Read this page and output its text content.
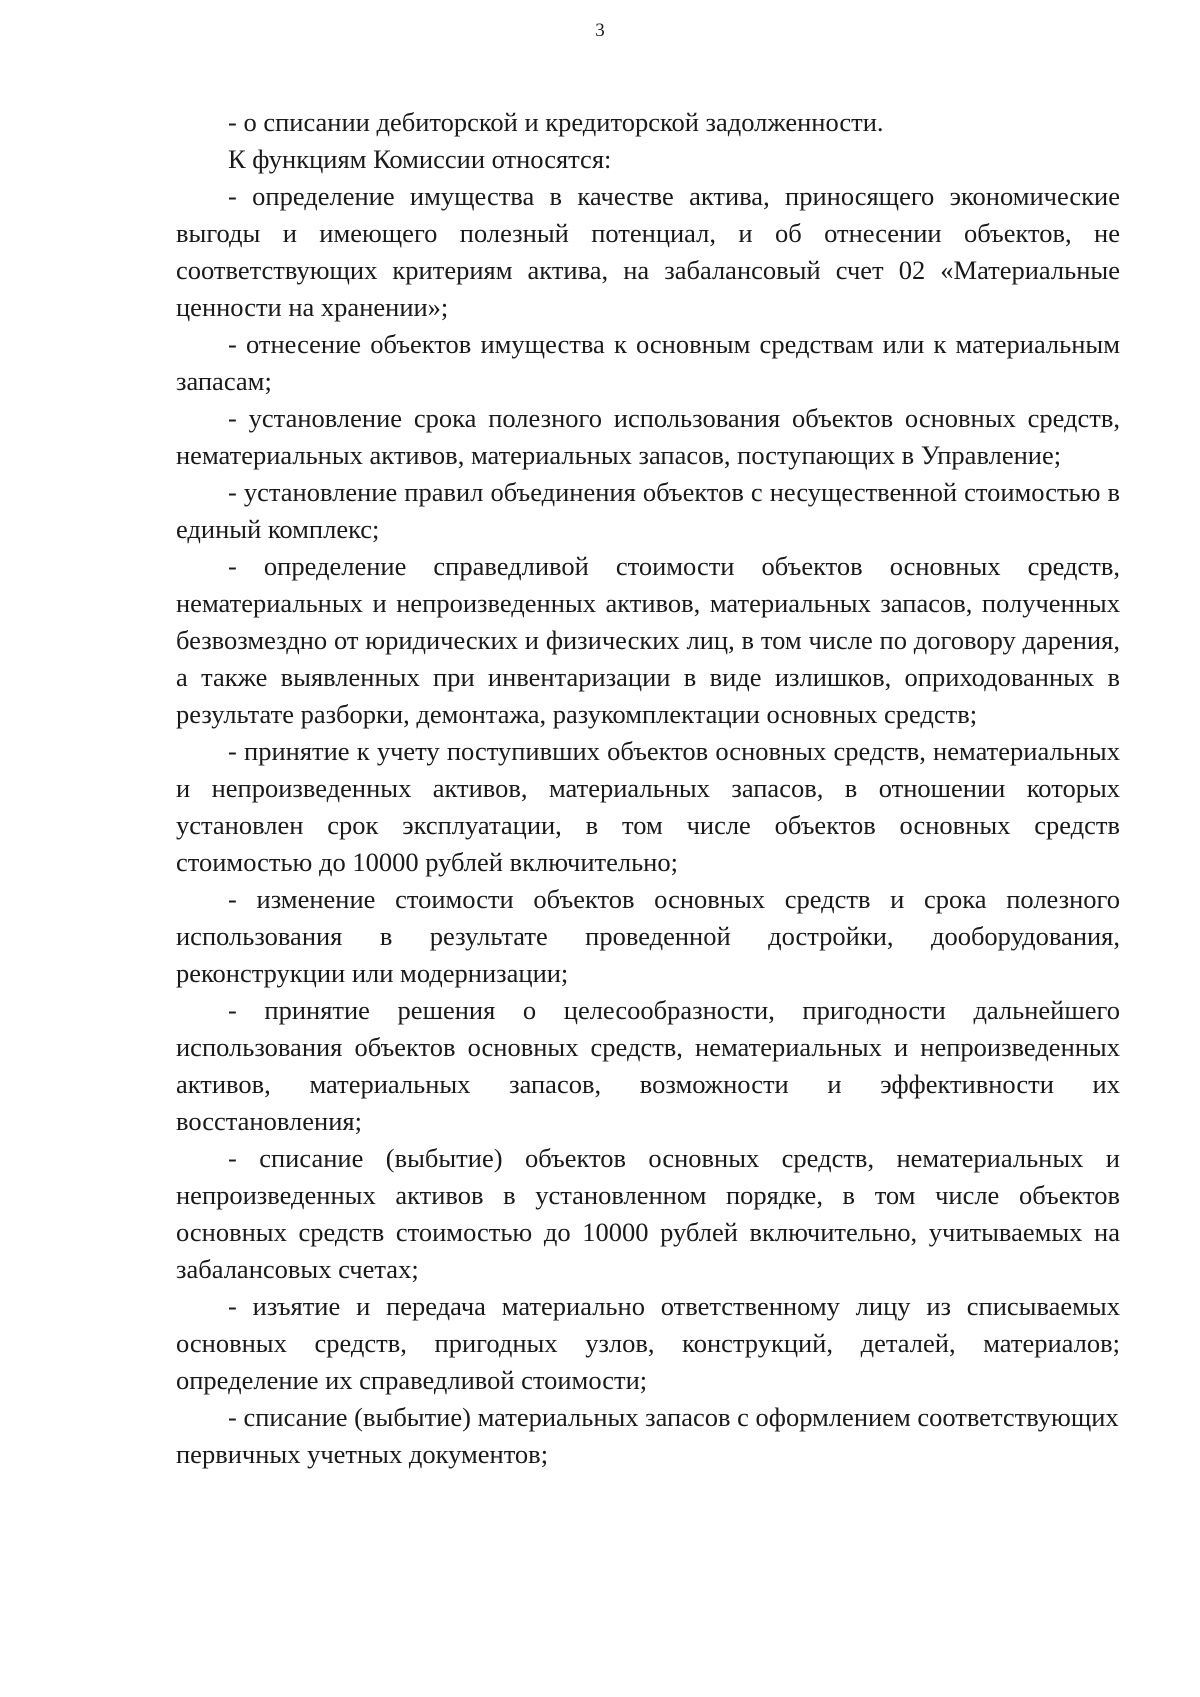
3

- о списании дебиторской и кредиторской задолженности.

К функциям Комиссии относятся:

- определение имущества в качестве актива, приносящего экономические выгоды и имеющего полезный потенциал, и об отнесении объектов, не соответствующих критериям актива, на забалансовый счет 02 «Материальные ценности на хранении»;

- отнесение объектов имущества к основным средствам или к материальным запасам;

- установление срока полезного использования объектов основных средств, нематериальных активов, материальных запасов, поступающих в Управление;

- установление правил объединения объектов с несущественной стоимостью в единый комплекс;

- определение справедливой стоимости объектов основных средств, нематериальных и непроизведенных активов, материальных запасов, полученных безвозмездно от юридических и физических лиц, в том числе по договору дарения, а также выявленных при инвентаризации в виде излишков, оприходованных в результате разборки, демонтажа, разукомплектации основных средств;

- принятие к учету поступивших объектов основных средств, нематериальных и непроизведенных активов, материальных запасов, в отношении которых установлен срок эксплуатации, в том числе объектов основных средств стоимостью до 10000 рублей включительно;

- изменение стоимости объектов основных средств и срока полезного использования в результате проведенной достройки, дооборудования, реконструкции или модернизации;

- принятие решения о целесообразности, пригодности дальнейшего использования объектов основных средств, нематериальных и непроизведенных активов, материальных запасов, возможности и эффективности их восстановления;

- списание (выбытие) объектов основных средств, нематериальных и непроизведенных активов в установленном порядке, в том числе объектов основных средств стоимостью до 10000 рублей включительно, учитываемых на забалансовых счетах;

- изъятие и передача материально ответственному лицу из списываемых основных средств, пригодных узлов, конструкций, деталей, материалов; определение их справедливой стоимости;

- списание (выбытие) материальных запасов с оформлением соответствующих первичных учетных документов;
